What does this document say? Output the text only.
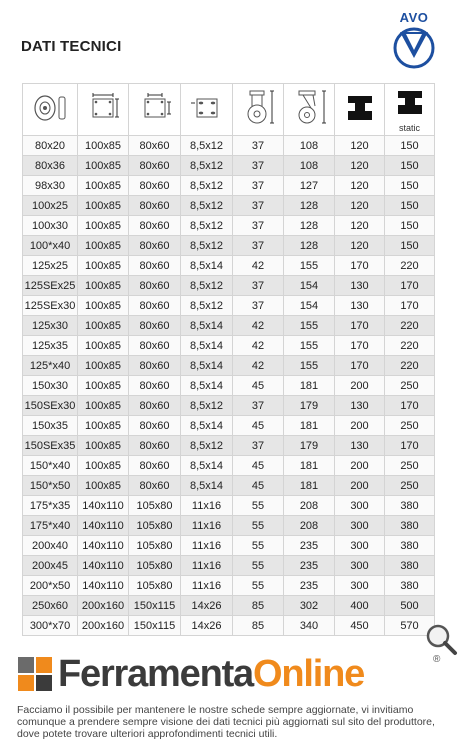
DATI TECNICI
AVO

static

80x20	100x85	80x60	8,5x12	37	108	120	150
80x36	100x85	80x60	8,5x12	37	108	120	150
98x30	100x85	80x60	8,5x12	37	127	120	150
100x25	100x85	80x60	8,5x12	37	128	120	150
100x30	100x85	80x60	8,5x12	37	128	120	150
100*x40	100x85	80x60	8,5x12	37	128	120	150
125x25	100x85	80x60	8,5x14	42	155	170	220
125SEx25	100x85	80x60	8,5x12	37	154	130	170
125SEx30	100x85	80x60	8,5x12	37	154	130	170
125x30	100x85	80x60	8,5x14	42	155	170	220
125x35	100x85	80x60	8,5x14	42	155	170	220
125*x40	100x85	80x60	8,5x14	42	155	170	220
150x30	100x85	80x60	8,5x14	45	181	200	250
150SEx30	100x85	80x60	8,5x12	37	179	130	170
150x35	100x85	80x60	8,5x14	45	181	200	250
150SEx35	100x85	80x60	8,5x12	37	179	130	170
150*x40	100x85	80x60	8,5x14	45	181	200	250
150*x50	100x85	80x60	8,5x14	45	181	200	250
175*x35	140x110	105x80	11x16	55	208	300	380
175*x40	140x110	105x80	11x16	55	208	300	380
200x40	140x110	105x80	11x16	55	235	300	380
200x45	140x110	105x80	11x16	55	235	300	380
200*x50	140x110	105x80	11x16	55	235	300	380
250x60	200x160	150x115	14x26	85	302	400	500
300*x70	200x160	150x115	14x26	85	340	450	570
FerramentaOnline	®
Facciamo il possibile per mantenere le nostre schede sempre aggiornate, vi invitiamo comunque a prendere sempre visione dei dati tecnici più aggiornati sul sito del produttore, dove potete trovare ulteriori approfondimenti tecnici utili.
